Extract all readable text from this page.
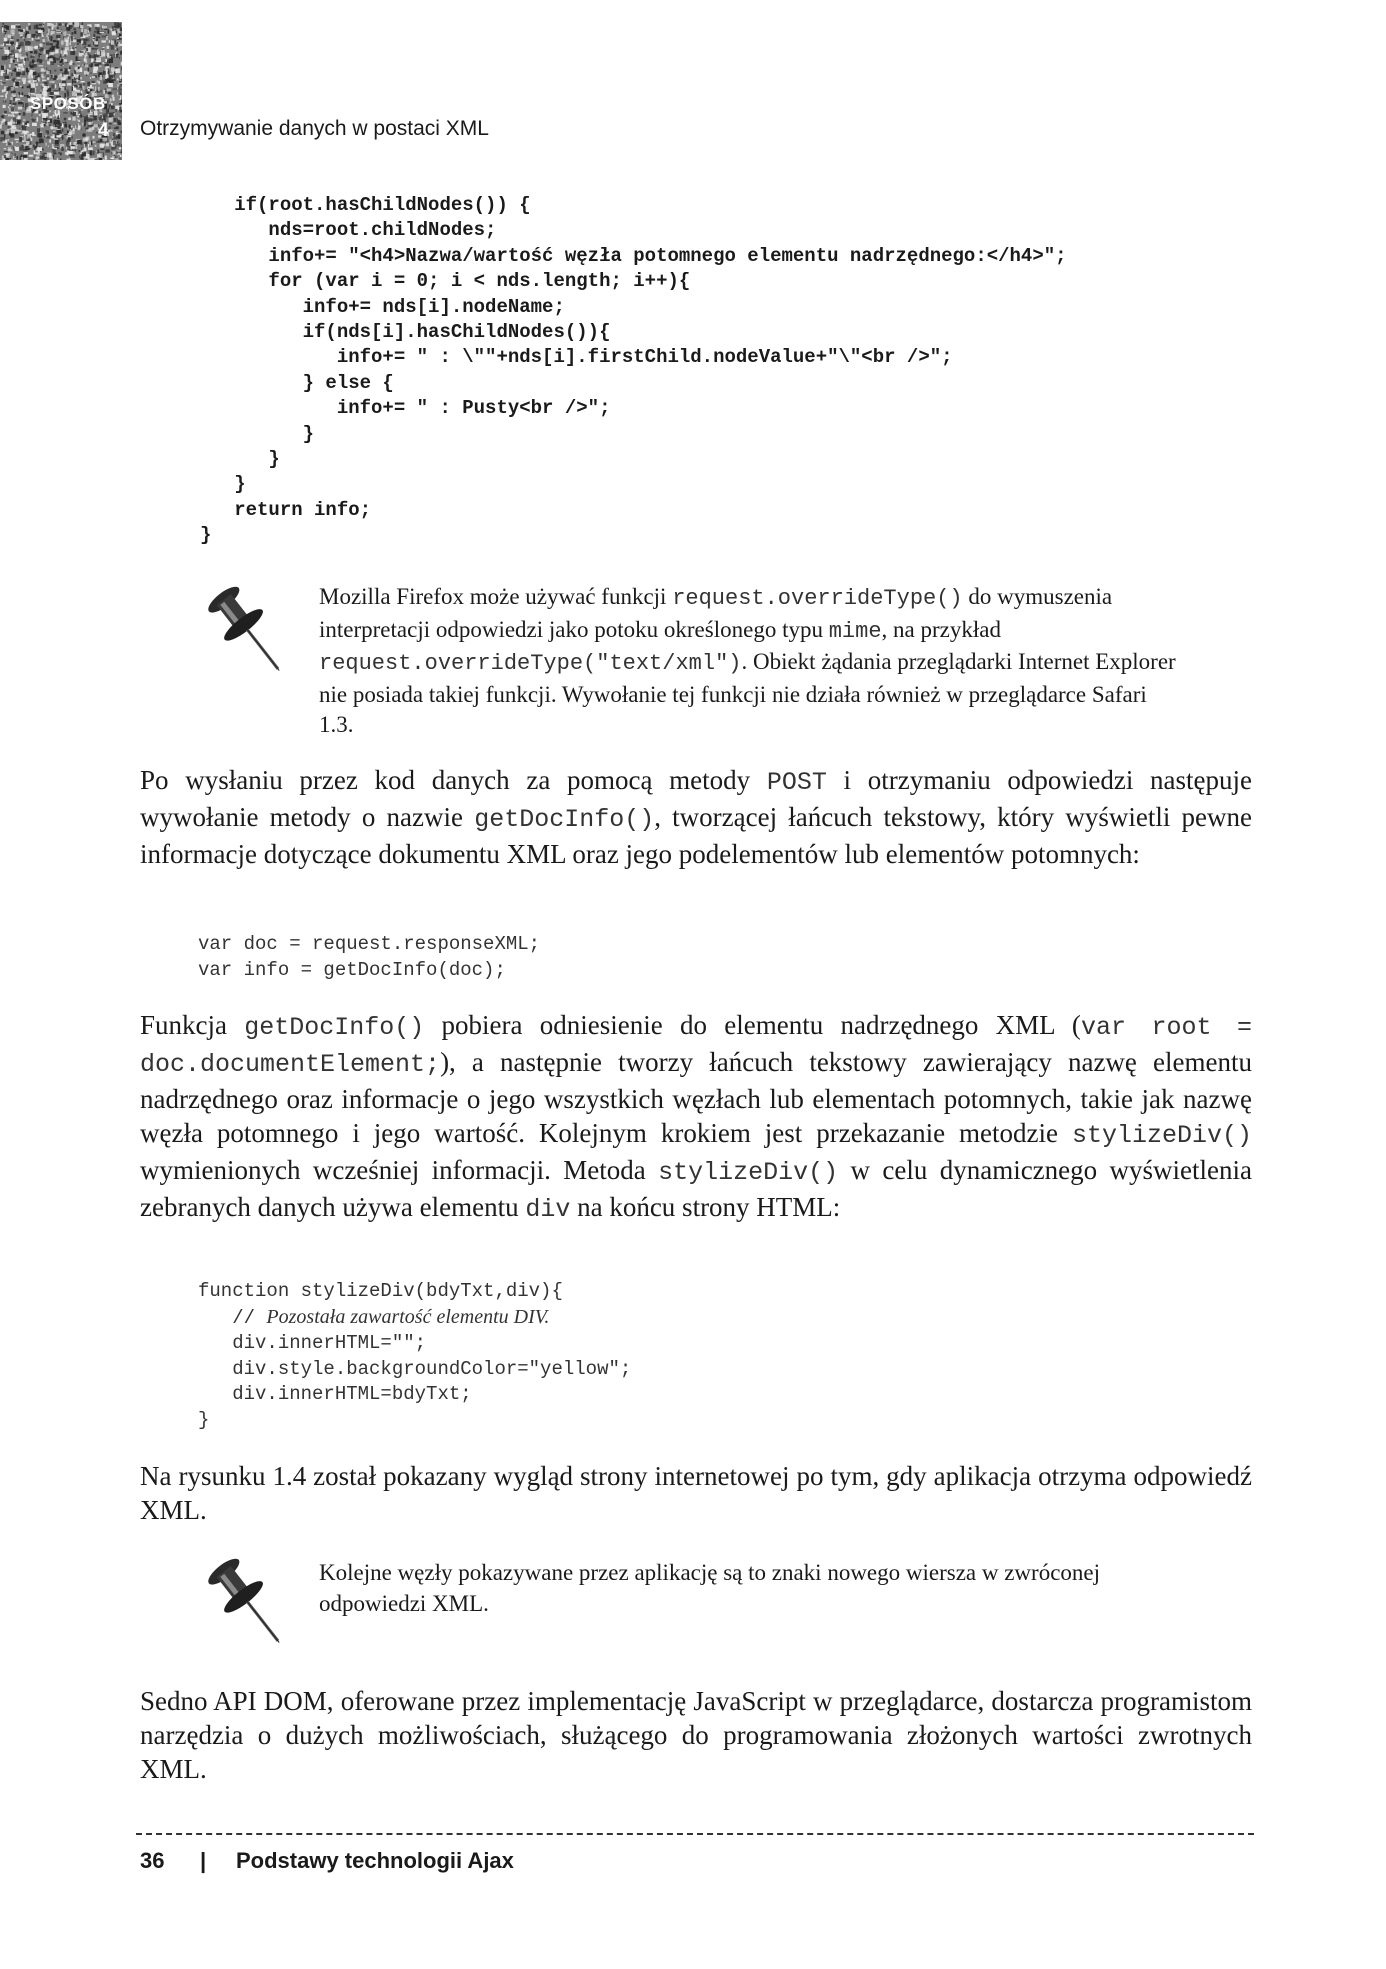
SPOSÓB
4 Otrzymywanie danych w postaci XML
if(root.hasChildNodes()) {
nds=root.childNodes;
info+= "<h4>Nazwa/wartość węzła potomnego elementu nadrzędnego:</h4>";
for (var i = 0; i < nds.length; i++){
info+= nds[i].nodeName;
if(nds[i].hasChildNodes()){
info+= " : \""+nds[i].firstChild.nodeValue+"\"<br />";
} else {
info+= " : Pusty<br />";
}
}
}
return info;
}
Mozilla Firefox może używać funkcji request.overrideType() do wymuszenia interpretacji odpowiedzi jako potoku określonego typu mime, na przykład request.overrideType("text/xml"). Obiekt żądania przeglądarki Internet Explorer nie posiada takiej funkcji. Wywołanie tej funkcji nie działa również w przeglądarce Safari 1.3.
Po wysłaniu przez kod danych za pomocą metody POST i otrzymaniu odpowiedzi następuje wywołanie metody o nazwie getDocInfo(), tworzącej łańcuch tekstowy, który wyświetli pewne informacje dotyczące dokumentu XML oraz jego podelementów lub elementów potomnych:
var doc = request.responseXML;
var info = getDocInfo(doc);
Funkcja getDocInfo() pobiera odniesienie do elementu nadrzędnego XML (var root = doc.documentElement;), a następnie tworzy łańcuch tekstowy zawierający nazwę elementu nadrzędnego oraz informacje o jego wszystkich węzłach lub elementach potomnych, takie jak nazwę węzła potomnego i jego wartość. Kolejnym krokiem jest przekazanie metodzie stylizeDiv() wymienionych wcześniej informacji. Metoda stylizeDiv() w celu dynamicznego wyświetlenia zebranych danych używa elementu div na końcu strony HTML:
function stylizeDiv(bdyTxt,div){
// Pozostała zawartość elementu DIV.
div.innerHTML="";
div.style.backgroundColor="yellow";
div.innerHTML=bdyTxt;
}
Na rysunku 1.4 został pokazany wygląd strony internetowej po tym, gdy aplikacja otrzyma odpowiedź XML.
Kolejne węzły pokazywane przez aplikację są to znaki nowego wiersza w zwróconej odpowiedzi XML.
Sedno API DOM, oferowane przez implementację JavaScript w przeglądarce, dostarcza programistom narzędzia o dużych możliwościach, służącego do programowania złożonych wartości zwrotnych XML.
36 | Podstawy technologii Ajax
